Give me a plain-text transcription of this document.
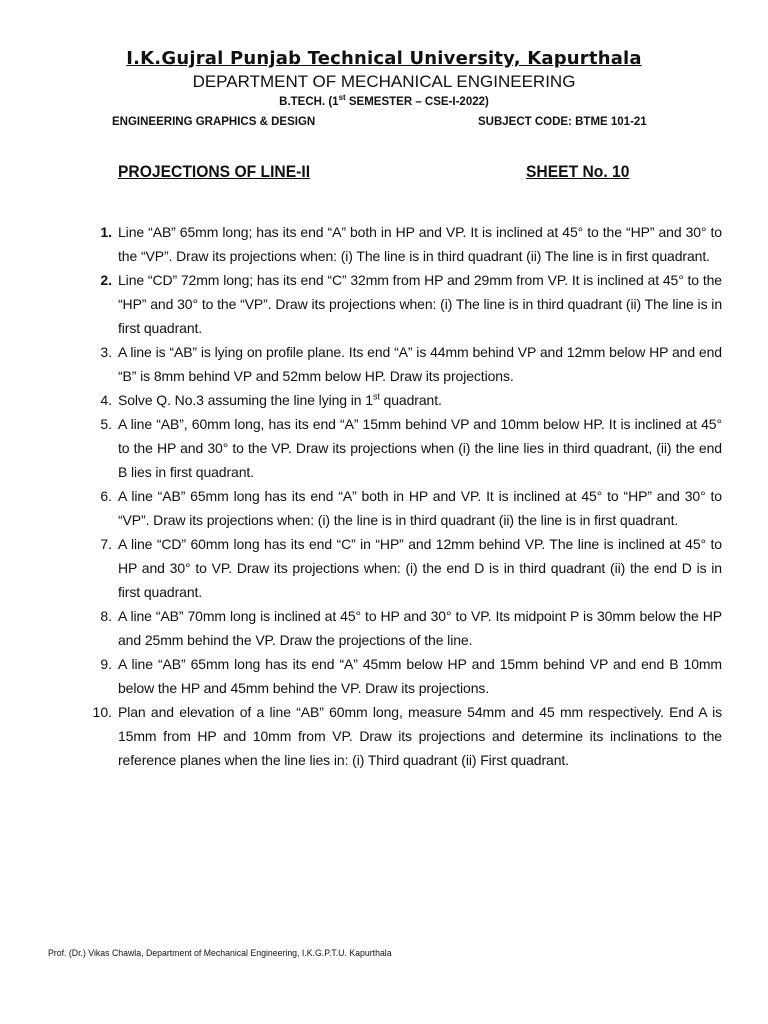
I.K.Gujral Punjab Technical University, Kapurthala
DEPARTMENT OF MECHANICAL ENGINEERING
B.TECH. (1st SEMESTER – CSE-I-2022)
ENGINEERING GRAPHICS & DESIGN	SUBJECT CODE: BTME 101-21
PROJECTIONS OF LINE-II	SHEET No. 10
1. Line “AB” 65mm long; has its end “A” both in HP and VP. It is inclined at 45° to the “HP” and 30° to the “VP”. Draw its projections when: (i) The line is in third quadrant (ii) The line is in first quadrant.
2. Line “CD” 72mm long; has its end “C” 32mm from HP and 29mm from VP. It is inclined at 45° to the “HP” and 30° to the “VP”. Draw its projections when: (i) The line is in third quadrant (ii) The line is in first quadrant.
3. A line is “AB” is lying on profile plane. Its end “A” is 44mm behind VP and 12mm below HP and end “B” is 8mm behind VP and 52mm below HP. Draw its projections.
4. Solve Q. No.3 assuming the line lying in 1st quadrant.
5. A line “AB”, 60mm long, has its end “A” 15mm behind VP and 10mm below HP. It is inclined at 45° to the HP and 30° to the VP. Draw its projections when (i) the line lies in third quadrant, (ii) the end B lies in first quadrant.
6. A line “AB” 65mm long has its end “A” both in HP and VP. It is inclined at 45° to “HP” and 30° to “VP”. Draw its projections when: (i) the line is in third quadrant (ii) the line is in first quadrant.
7. A line “CD” 60mm long has its end “C” in “HP” and 12mm behind VP. The line is inclined at 45° to HP and 30° to VP. Draw its projections when: (i) the end D is in third quadrant (ii) the end D is in first quadrant.
8. A line “AB” 70mm long is inclined at 45° to HP and 30° to VP. Its midpoint P is 30mm below the HP and 25mm behind the VP. Draw the projections of the line.
9. A line “AB” 65mm long has its end “A” 45mm below HP and 15mm behind VP and end B 10mm below the HP and 45mm behind the VP. Draw its projections.
10. Plan and elevation of a line “AB” 60mm long, measure 54mm and 45 mm respectively. End A is 15mm from HP and 10mm from VP. Draw its projections and determine its inclinations to the reference planes when the line lies in: (i) Third quadrant (ii) First quadrant.
Prof. (Dr.) Vikas Chawla, Department of Mechanical Engineering, I.K.G.P.T.U. Kapurthala
